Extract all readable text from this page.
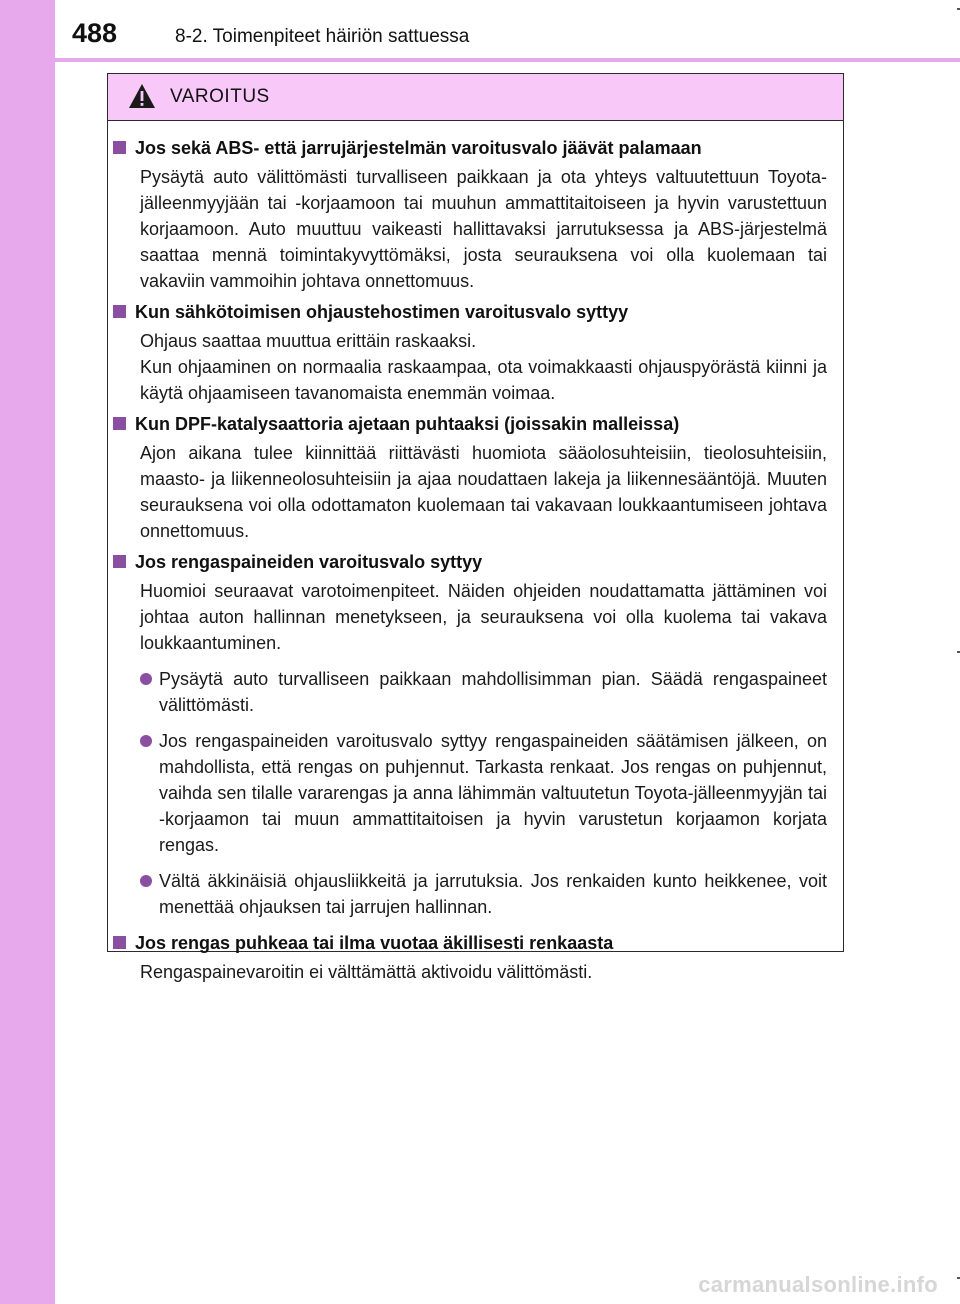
488	8-2. Toimenpiteet häiriön sattuessa
VAROITUS
Jos sekä ABS- että jarrujärjestelmän varoitusvalo jäävät palamaan
Pysäytä auto välittömästi turvalliseen paikkaan ja ota yhteys valtuutettuun Toyota-jälleenmyyjään tai -korjaamoon tai muuhun ammattitaitoiseen ja hyvin varustettuun korjaamoon. Auto muuttuu vaikeasti hallittavaksi jarrutuksessa ja ABS-järjestelmä saattaa mennä toimintakyvyttömäksi, josta seurauksena voi olla kuolemaan tai vakaviin vammoihin johtava onnettomuus.
Kun sähkötoimisen ohjaustehostimen varoitusvalo syttyy
Ohjaus saattaa muuttua erittäin raskaaksi.
Kun ohjaaminen on normaalia raskaampaa, ota voimakkaasti ohjauspyörästä kiinni ja käytä ohjaamiseen tavanomaista enemmän voimaa.
Kun DPF-katalysaattoria ajetaan puhtaaksi (joissakin malleissa)
Ajon aikana tulee kiinnittää riittävästi huomiota sääolosuhteisiin, tieolosuhteisiin, maasto- ja liikenneolosuhteisiin ja ajaa noudattaen lakeja ja liikennesääntöjä. Muuten seurauksena voi olla odottamaton kuolemaan tai vakavaan loukkaantumiseen johtava onnettomuus.
Jos rengaspaineiden varoitusvalo syttyy
Huomioi seuraavat varotoimenpiteet. Näiden ohjeiden noudattamatta jättäminen voi johtaa auton hallinnan menetykseen, ja seurauksena voi olla kuolema tai vakava loukkaantuminen.
Pysäytä auto turvalliseen paikkaan mahdollisimman pian. Säädä rengaspaineet välittömästi.
Jos rengaspaineiden varoitusvalo syttyy rengaspaineiden säätämisen jälkeen, on mahdollista, että rengas on puhjennut. Tarkasta renkaat. Jos rengas on puhjennut, vaihda sen tilalle vararengas ja anna lähimmän valtuutetun Toyota-jälleenmyyjän tai -korjaamon tai muun ammattitaitoisen ja hyvin varustetun korjaamon korjata rengas.
Vältä äkkinäisiä ohjausliikkeitä ja jarrutuksia. Jos renkaiden kunto heikkenee, voit menettää ohjauksen tai jarrujen hallinnan.
Jos rengas puhkeaa tai ilma vuotaa äkillisesti renkaasta
Rengaspainevaroitin ei välttämättä aktivoidu välittömästi.
carmanualsonline.info
